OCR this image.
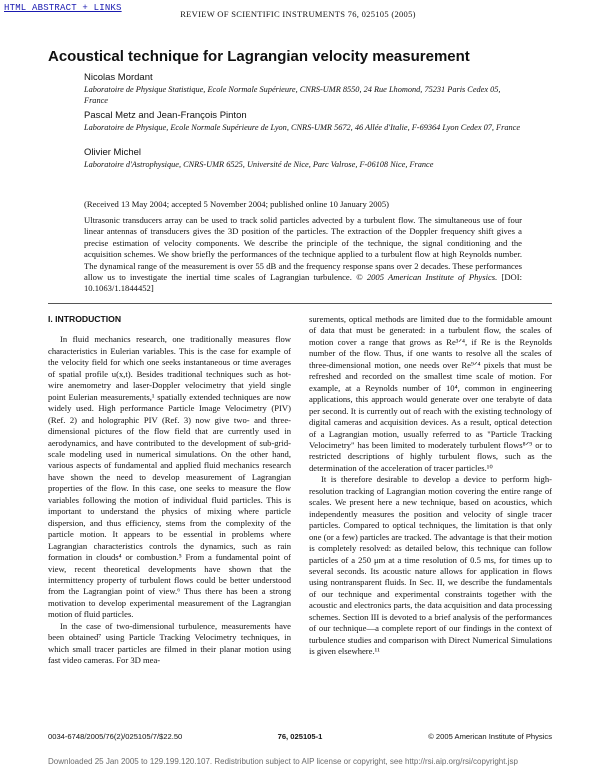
HTML ABSTRACT + LINKS
REVIEW OF SCIENTIFIC INSTRUMENTS 76, 025105 (2005)
Acoustical technique for Lagrangian velocity measurement
Nicolas Mordant
Laboratoire de Physique Statistique, Ecole Normale Supérieure, CNRS-UMR 8550, 24 Rue Lhomond, 75231 Paris Cedex 05, France
Pascal Metz and Jean-François Pinton
Laboratoire de Physique, Ecole Normale Supérieure de Lyon, CNRS-UMR 5672, 46 Allée d'Italie, F-69364 Lyon Cedex 07, France
Olivier Michel
Laboratoire d'Astrophysique, CNRS-UMR 6525, Université de Nice, Parc Valrose, F-06108 Nice, France
(Received 13 May 2004; accepted 5 November 2004; published online 10 January 2005)

Ultrasonic transducers array can be used to track solid particles advected by a turbulent flow. The simultaneous use of four linear antennas of transducers gives the 3D position of the particles. The extraction of the Doppler frequency shift gives a precise estimation of velocity components. We describe the principle of the technique, the signal conditioning and the acquisition schemes. We show briefly the performances of the technique applied to a turbulent flow at high Reynolds number. The dynamical range of the measurement is over 55 dB and the frequency response spans over 2 decades. These performances allow us to investigate the inertial time scales of Lagrangian turbulence. © 2005 American Institute of Physics. [DOI: 10.1063/1.1844452]

I. INTRODUCTION

In fluid mechanics research, one traditionally measures flow characteristics in Eulerian variables. This is the case for example of the velocity field for which one seeks instantaneous or time averages of spatial profile u(x,t). Besides traditional techniques such as hot-wire anemometry and laser-Doppler velocimetry that yield single point Eulerian measurements,¹ spatially extended techniques are now widely used. High performance Particle Image Velocimetry (PIV) (Ref. 2) and holographic PIV (Ref. 3) now give two- and three-dimensional pictures of the flow field that are currently used in aerodynamics, and have contributed to the development of sub-grid-scale modeling used in numerical simulations. On the other hand, various aspects of fundamental and applied fluid mechanics research have shown the need to develop measurement of Lagrangian properties of the flow. In this case, one seeks to measure the flow variables following the motion of individual fluid particles. This is important to understand the physics of mixing where particle dispersion, and thus efficiency, stems from the complexity of the particle motion. It appears to be essential in problems where Lagrangian characteristics controls the dynamics, such as rain formation in clouds⁴ or combustion.⁵ From a fundamental point of view, recent theoretical developments have shown that the intermittency property of turbulent flows could be better understood from the Lagrangian point of view.⁶ Thus there has been a strong motivation to develop experimental measurement of the Lagrangian motion of fluid particles.

In the case of two-dimensional turbulence, measurements have been obtained⁷ using Particle Tracking Velocimetry techniques, in which small tracer particles are filmed in their planar motion using fast video cameras. For 3D mea-

surements, optical methods are limited due to the formidable amount of data that must be generated: in a turbulent flow, the scales of motion cover a range that grows as Re³ᐟ⁴, if Re is the Reynolds number of the flow. Thus, if one wants to resolve all the scales of three-dimensional motion, one needs over Re⁹ᐟ⁴ pixels that must be refreshed and recorded on the smallest time scale of motion. For example, at a Reynolds number of 10⁴, common in engineering applications, this approach would generate over one terabyte of data per second. It is currently out of reach with the existing technology of digital cameras and acquisition devices. As a result, optical detection of a Lagrangian motion, usually referred to as "Particle Tracking Velocimetry" has been limited to moderately turbulent flows⁸ᐟ⁹ or to restricted descriptions of highly turbulent flows, such as the determination of the acceleration of tracer particles.¹⁰

It is therefore desirable to develop a device to perform high-resolution tracking of Lagrangian motion covering the entire range of scales. We present here a new technique, based on acoustics, which independently measures the position and velocity of single tracer particles. Compared to optical techniques, the limitation is that only one (or a few) particles are tracked. The advantage is that their motion is completely resolved: as detailed below, this technique can follow particles of a 250 μm at a time resolution of 0.5 ms, for times up to several seconds. Its acoustic nature allows for application in flows using nontransparent fluids. In Sec. II, we describe the fundamentals of our technique and experimental constraints together with the acoustic and electronics parts, the data acquisition and data processing schemes. Section III is devoted to a brief analysis of the performances of our technique—a complete report of our findings in the context of turbulence studies and comparison with Direct Numerical Simulations is given elsewhere.¹¹

0034-6748/2005/76(2)/025105/7/$22.50	76, 025105-1	© 2005 American Institute of Physics
Downloaded 25 Jan 2005 to 129.199.120.107. Redistribution subject to AIP license or copyright, see http://rsi.aip.org/rsi/copyright.jsp
